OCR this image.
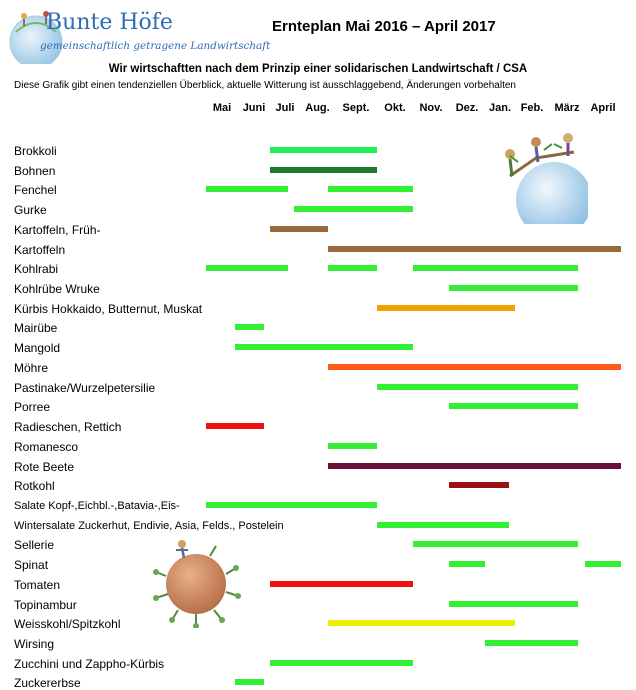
Bunte Höfe
gemeinschaftlich getragene Landwirtschaft
Ernteplan Mai 2016 – April 2017
Wir wirtschaftten nach dem Prinzip einer solidarischen Landwirtschaft / CSA
Diese Grafik gibt einen tendenziellen Überblick, aktuelle Witterung ist ausschlaggebend, Änderungen vorbehalten
Mai Juni Juli Aug. Sept. Okt. Nov. Dez. Jan. Feb. März April
Brokkoli
Bohnen
Fenchel
Gurke
Kartoffeln, Früh-
Kartoffeln
Kohlrabi
Kohlrübe Wruke
Kürbis Hokkaido, Butternut, Muskat
Mairübe
Mangold
Möhre
Pastinake/Wurzelpetersilie
Porree
Radieschen, Rettich
Romanesco
Rote Beete
Rotkohl
Salate Kopf-,Eichbl.-,Batavia-,Eis-
Wintersalate Zuckerhut, Endivie, Asia, Felds., Postelein
Sellerie
Spinat
Tomaten
Topinambur
Weisskohl/Spitzkohl
Wirsing
Zucchini und Zappho-Kürbis
Zuckererbse
